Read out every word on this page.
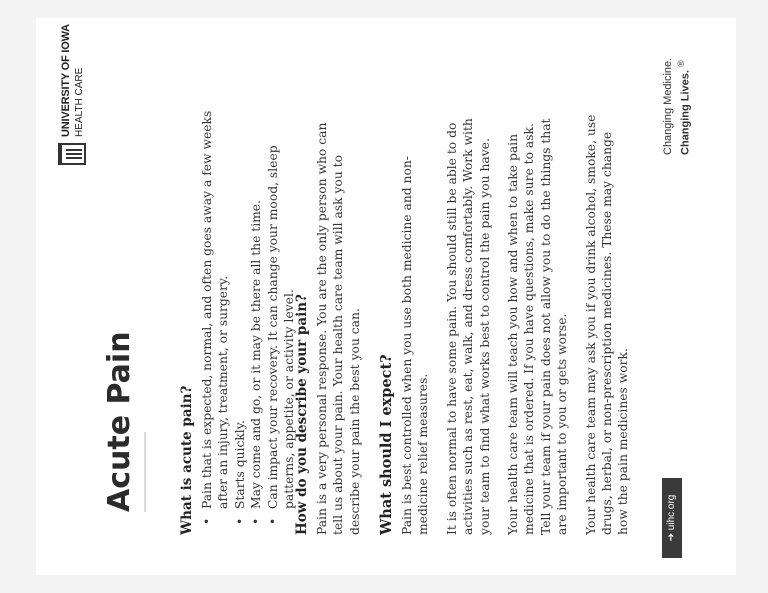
UNIVERSITY OF IOWA HEALTH CARE
Acute Pain	What is acute pain? • Pain that is expected, normal, and often goes away a few weeks after an injury, treatment, or surgery. • Starts quickly. • May come and go, or it may be there all the time. • Can impact your recovery. It can change your mood, sleep patterns, appetite, or activity level.
How do you describe your pain? Pain is a very personal response. You are the only person who can tell us about your pain. Your health care team will ask you to describe your pain the best you can. What should I expect? Pain is best controlled when you use both medicine and non-medicine relief measures. It is often normal to have some pain. You should still be able to do activities such as rest, eat, walk, and dress comfortably. Work with your team to find what works best to control the pain you have. Your health care team will teach you how and when to take pain medicine that is ordered. If you have questions, make sure to ask. Tell your team if your pain does not allow you to do the things that are important to you or gets worse. Your health care team may ask you if you drink alcohol, smoke, use drugs, herbal, or non-prescription medicines. These may change how the pain medicines work.	➔ uihc.org
Changing Medicine. Changing Lives. ®
